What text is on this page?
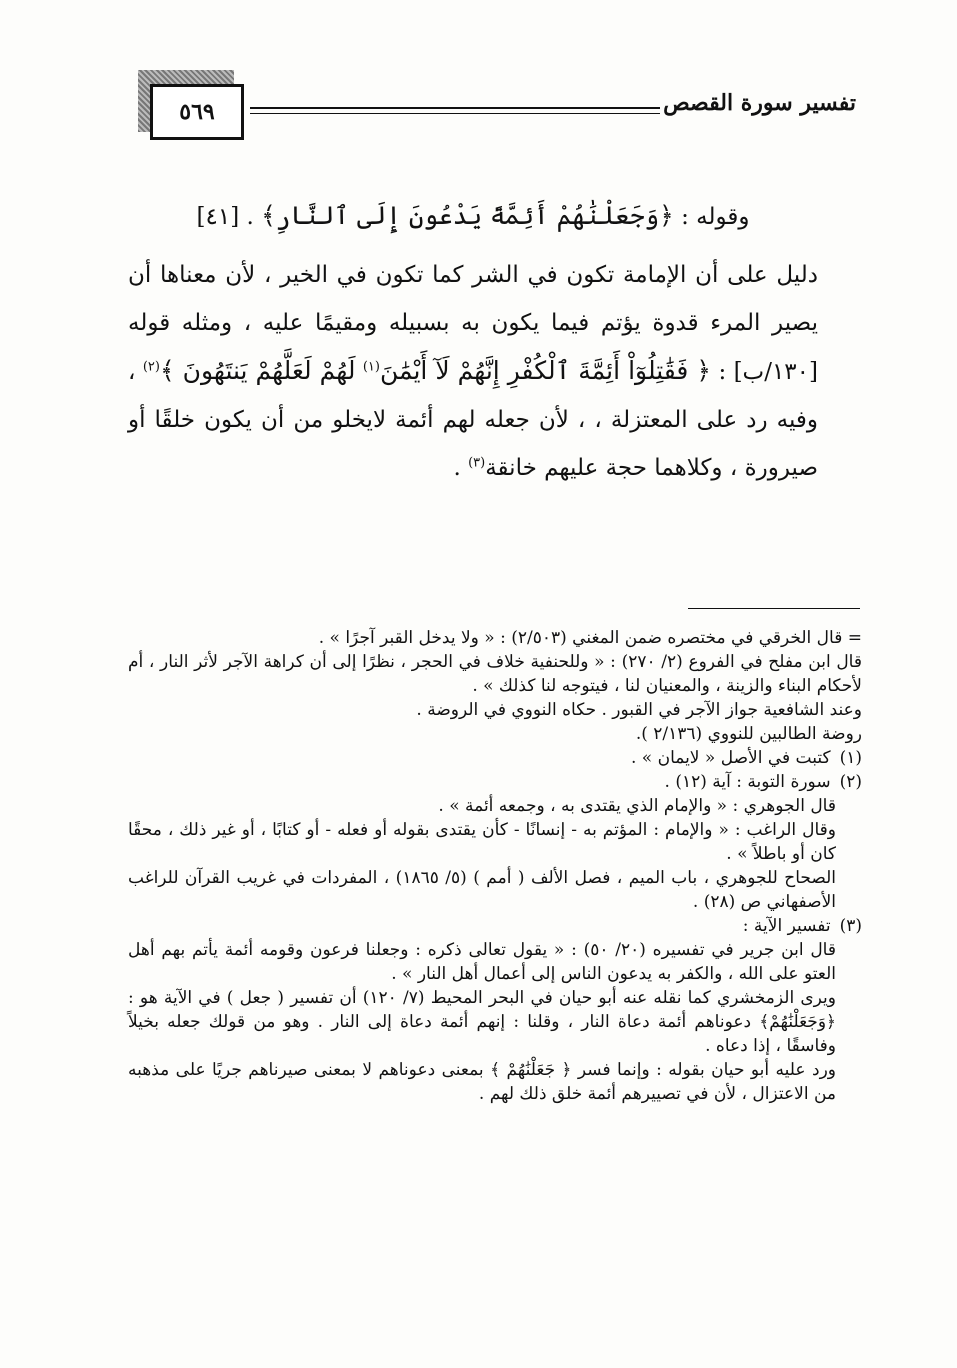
٥٦٩	تفسير سورة القصص

وقوله : ﴿وَجَعَلْنَٰهُمْ أَئِمَّةً يَدْعُونَ إِلَى ٱلنَّارِ﴾ . [٤١]

دليل على أن الإمامة تكون في الشر كما تكون في الخير ، لأن معناها أن يصير المرء قدوة يؤتم فيما يكون به بسبيله ومقيمًا عليه ، ومثله قوله [١٣٠/ب] : ﴿ فَقَٰتِلُوٓاْ أَئِمَّةَ ٱلْكُفْرِ إِنَّهُمْ لَآ أَيْمَٰنَ$^{(١)}$ لَهُمْ لَعَلَّهُمْ يَنتَهُونَ ﴾$^{(٢)}$ ، وفيه رد على المعتزلة ، ، لأن جعله لهم أئمة لايخلو من أن يكون خلقًا أو صيرورة ، وكلاهما حجة عليهم خانقة$^{(٣)}$ .

= قال الخرقي في مختصره ضمن المغني (٢/٥٠٣) : « ولا يدخل القبر آجرًا » .

قال ابن مفلح في الفروع (٢/ ٢٧٠) : « وللحنفية خلاف في الحجر ، نظرًا إلى أن كراهة الآجر لأثر النار ، أم لأحكام البناء والزينة ، والمعنيان لنا ، فيتوجه لنا كذلك » .

وعند الشافعية جواز الآجر في القبور . حكاه النووي في الروضة .

روضة الطالبين للنووي (٢/١٣٦ ).

(١) كتبت في الأصل « لايمان » .

(٢) سورة التوبة : آية (١٢) .

قال الجوهري : « والإمام الذي يقتدى به ، وجمعه أئمة » .

وقال الراغب : « والإمام : المؤتم به - إنسانًا - كأن يقتدى بقوله أو فعله - أو كتابًا ، أو غير ذلك ، محقًا كان أو باطلاً » .

الصحاح للجوهري ، باب الميم ، فصل الألف ( أمم ) (٥/ ١٨٦٥) ، المفردات في غريب القرآن للراغب الأصفهاني ص (٢٨) .

(٣) تفسير الآية :

قال ابن جرير في تفسيره (٢٠/ ٥٠) : « يقول تعالى ذكره : وجعلنا فرعون وقومه أئمة يأتم بهم أهل العتو على الله ، والكفر به يدعون الناس إلى أعمال أهل النار » .

ويرى الزمخشري كما نقله عنه أبو حيان في البحر المحيط (٧/ ١٢٠) أن تفسير ( جعل ) في الآية هو : ﴿وَجَعَلْنَٰهُمْ﴾ دعوناهم أئمة دعاة النار ، وقلنا : إنهم أئمة دعاة إلى النار . وهو من قولك جعله بخيلاً وفاسقًا ، إذا دعاه .

ورد عليه أبو حيان بقوله : وإنما فسر ﴿ جَعَلْنَٰهُمْ ﴾ بمعنى دعوناهم لا بمعنى صيرناهم جريًا على مذهبه من الاعتزال ، لأن في تصييرهم أئمة خلق ذلك لهم .
